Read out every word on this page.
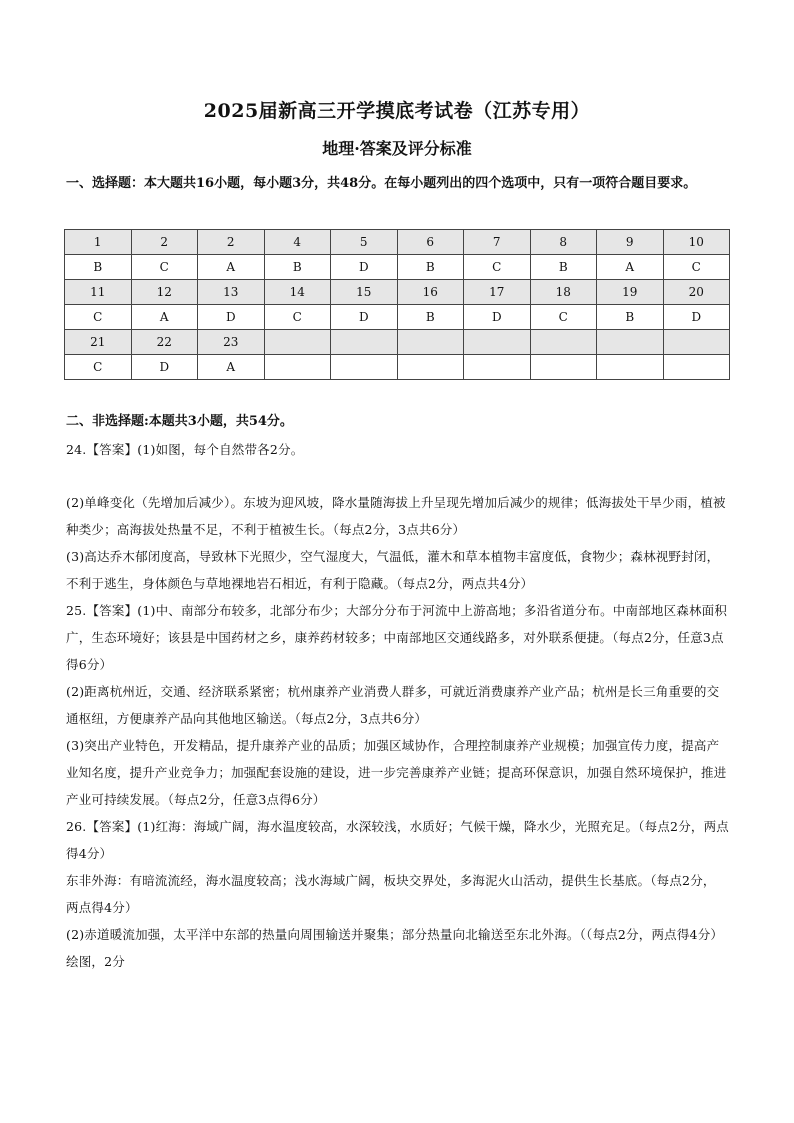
2025届新高三开学摸底考试卷（江苏专用）
地理·答案及评分标准
一、选择题：本大题共16小题，每小题3分，共48分。在每小题列出的四个选项中，只有一项符合题目要求。
1	2	2	4	5	6	7	8	9	10
B	C	A	B	D	B	C	B	A	C
11	12	13	14	15	16	17	18	19	20
C	A	D	C	D	B	D	C	B	D
21	22	23							
C	D	A							
二、非选择题:本题共3小题，共54分。
24.【答案】(1)如图，每个自然带各2分。
(2)单峰变化（先增加后减少）。东坡为迎风坡，降水量随海拔上升呈现先增加后减少的规律；低海拔处干旱少雨，植被种类少；高海拔处热量不足，不利于植被生长。（每点2分，3点共6分）
(3)高达乔木郁闭度高，导致林下光照少，空气湿度大，气温低，灌木和草本植物丰富度低，食物少；森林视野封闭，不利于逃生，身体颜色与草地裸地岩石相近，有利于隐藏。（每点2分，两点共4分）
25.【答案】(1)中、南部分布较多，北部分布少；大部分分布于河流中上游高地；多沿省道分布。中南部地区森林面积广，生态环境好；该县是中国药材之乡，康养药材较多；中南部地区交通线路多，对外联系便捷。（每点2分，任意3点得6分）
(2)距离杭州近，交通、经济联系紧密；杭州康养产业消费人群多，可就近消费康养产业产品；杭州是长三角重要的交通枢纽，方便康养产品向其他地区输送。（每点2分，3点共6分）
(3)突出产业特色，开发精品，提升康养产业的品质；加强区域协作，合理控制康养产业规模；加强宣传力度，提高产业知名度，提升产业竞争力；加强配套设施的建设，进一步完善康养产业链；提高环保意识，加强自然环境保护，推进产业可持续发展。（每点2分，任意3点得6分）
26.【答案】(1)红海：海域广阔，海水温度较高，水深较浅，水质好；气候干燥，降水少，光照充足。（每点2分，两点得4分）
东非外海：有暗流流经，海水温度较高；浅水海域广阔，板块交界处，多海泥火山活动，提供生长基底。（每点2分， 两点得4分）
(2)赤道暖流加强，太平洋中东部的热量向周围输送并聚集；部分热量向北输送至东北外海。（（每点2分，两点得4分）
绘图，2分
